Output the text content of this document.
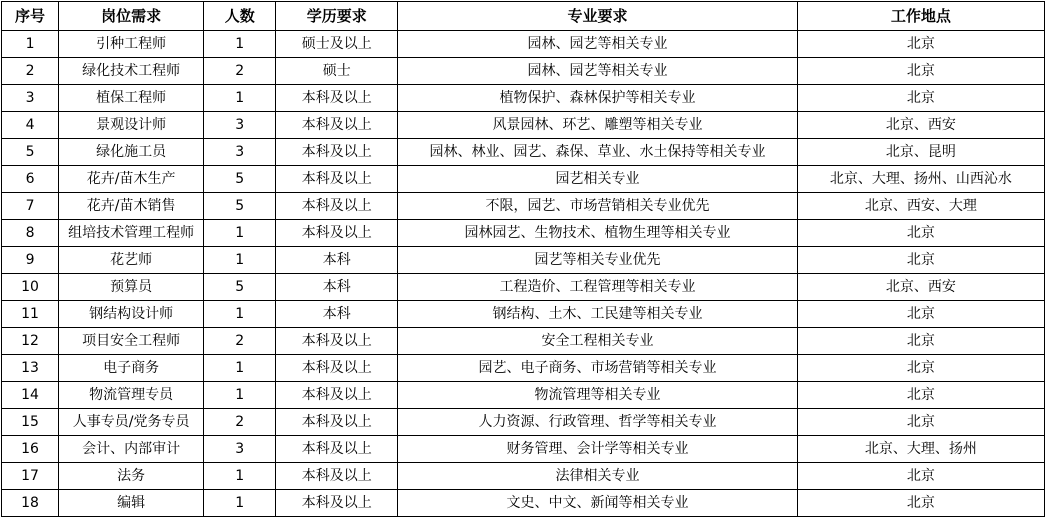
序号	岗位需求	人数	学历要求	专业要求	工作地点
1	引种工程师	1	硕士及以上	园林、园艺等相关专业	北京
2	绿化技术工程师	2	硕士	园林、园艺等相关专业	北京
3	植保工程师	1	本科及以上	植物保护、森林保护等相关专业	北京
4	景观设计师	3	本科及以上	风景园林、环艺、雕塑等相关专业	北京、西安
5	绿化施工员	3	本科及以上	园林、林业、园艺、森保、草业、水土保持等相关专业	北京、昆明
6	花卉/苗木生产	5	本科及以上	园艺相关专业	北京、大理、扬州、山西沁水
7	花卉/苗木销售	5	本科及以上	不限，园艺、市场营销相关专业优先	北京、西安、大理
8	组培技术管理工程师	1	本科及以上	园林园艺、生物技术、植物生理等相关专业	北京
9	花艺师	1	本科	园艺等相关专业优先	北京
10	预算员	5	本科	工程造价、工程管理等相关专业	北京、西安
11	钢结构设计师	1	本科	钢结构、土木、工民建等相关专业	北京
12	项目安全工程师	2	本科及以上	安全工程相关专业	北京
13	电子商务	1	本科及以上	园艺、电子商务、市场营销等相关专业	北京
14	物流管理专员	1	本科及以上	物流管理等相关专业	北京
15	人事专员/党务专员	2	本科及以上	人力资源、行政管理、哲学等相关专业	北京
16	会计、内部审计	3	本科及以上	财务管理、会计学等相关专业	北京、大理、扬州
17	法务	1	本科及以上	法律相关专业	北京
18	编辑	1	本科及以上	文史、中文、新闻等相关专业	北京
